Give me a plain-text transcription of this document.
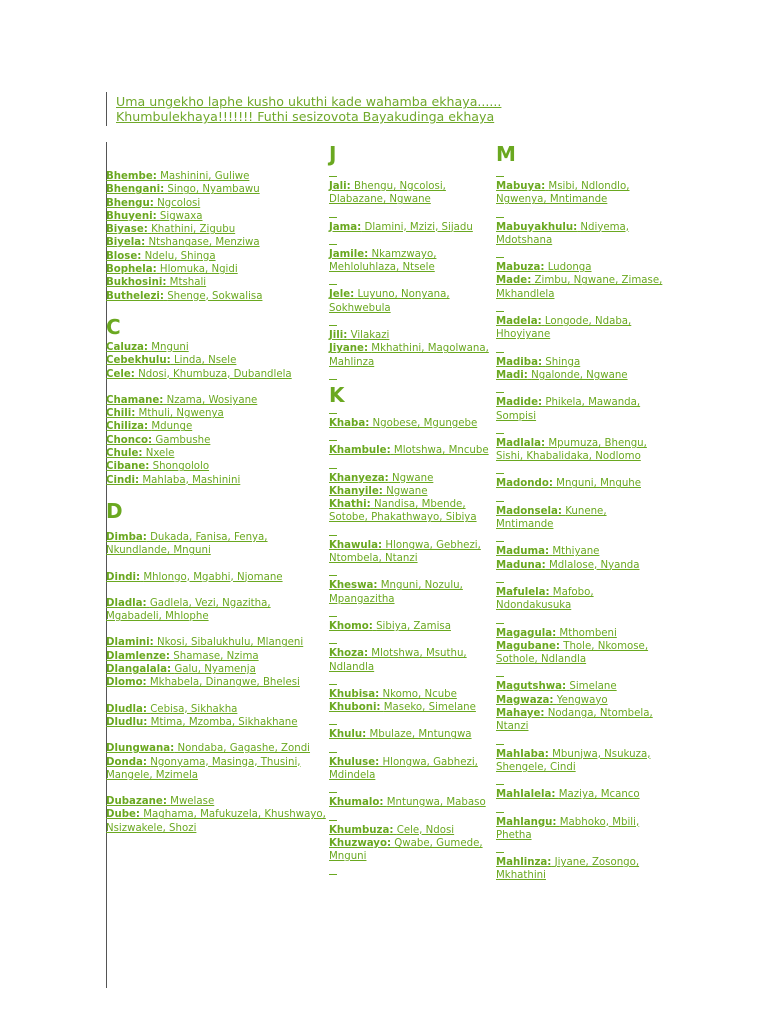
Uma ungekho laphe kusho ukuthi kade wahamba ekhaya......
Khumbulekhaya!!!!!!! Futhi sesizovota Bayakudinga ekhaya
Bhembe: Mashinini, Guliwe
Bhengani: Singo, Nyambawu
Bhengu: Ngcolosi
Bhuyeni: Sigwaxa
Biyase: Khathini, Zigubu
Biyela: Ntshangase, Menziwa
Blose: Ndelu, Shinga
Bophela: Hlomuka, Ngidi
Bukhosini: Mtshali
Buthelezi: Shenge, Sokwalisa
C
Caluza: Mnguni
Cebekhulu: Linda, Nsele
Cele: Ndosi, Khumbuza, Dubandlela
Chamane: Nzama, Wosiyane
Chili: Mthuli, Ngwenya
Chiliza: Mdunge
Chonco: Gambushe
Chule: Nxele
Cibane: Shongololo
Cindi: Mahlaba, Mashinini
D
Dimba: Dukada, Fanisa, Fenya, Nkundlande, Mnguni
Dindi: Mhlongo, Mgabhi, Njomane
Dladla: Gadlela, Vezi, Ngazitha, Mgabadeli, Mhlophe
Dlamini: Nkosi, Sibalukhulu, Mlangeni
Dlamlenze: Shamase, Nzima
Dlangalala: Galu, Nyamenja
Dlomo: Mkhabela, Dinangwe, Bhelesi
Dludla: Cebisa, Sikhakha
Dludlu: Mtima, Mzomba, Sikhakhane
Dlungwana: Nondaba, Gagashe, Zondi
Donda: Ngonyama, Masinga, Thusini, Mangele, Mzimela
Dubazane: Mwelase
Dube: Maghama, Mafukuzela, Khushwayo, Nsizwakele, Shozi
J
Jali: Bhengu, Ngcolosi, Dlabazane, Ngwane
Jama: Dlamini, Mzizi, Sijadu
Jamile: Nkamzwayo, Mehloluhlaza, Ntsele
Jele: Luyuno, Nonyana, Sokhwebula
Jili: Vilakazi
Jiyane: Mkhathini, Magolwana, Mahlinza
K
Khaba: Ngobese, Mgungebe
Khambule: Mlotshwa, Mncube
Khanyeza: Ngwane
Khanyile: Ngwane
Khathi: Nandisa, Mbende, Sotobe, Phakathwayo, Sibiya
Khawula: Hlongwa, Gebhezi, Ntombela, Ntanzi
Kheswa: Mnguni, Nozulu, Mpangazitha
Khomo: Sibiya, Zamisa
Khoza: Mlotshwa, Msuthu, Ndlandla
Khubisa: Nkomo, Ncube
Khuboni: Maseko, Simelane
Khulu: Mbulaze, Mntungwa
Khuluse: Hlongwa, Gabhezi, Mdindela
Khumalo: Mntungwa, Mabaso
Khumbuza: Cele, Ndosi
Khuzwayo: Qwabe, Gumede, Mnguni
M
Mabuya: Msibi, Ndlondlo, Ngwenya, Mntimande
Mabuyakhulu: Ndiyema, Mdotshana
Mabuza: Ludonga
Made: Zimbu, Ngwane, Zimase, Mkhandlela
Madela: Longode, Ndaba, Hhoyiyane
Madiba: Shinga
Madi: Ngalonde, Ngwane
Madide: Phikela, Mawanda, Sompisi
Madlala: Mpumuza, Bhengu, Sishi, Khabalidaka, Nodlomo
Madondo: Mnguni, Mnguhe
Madonsela: Kunene, Mntimande
Maduma: Mthiyane
Maduna: Mdlalose, Nyanda
Mafulela: Mafobo, Ndondakusuka
Magagula: Mthombeni
Magubane: Thole, Nkomose, Sothole, Ndlandla
Magutshwa: Simelane
Magwaza: Yengwayo
Mahaye: Nodanga, Ntombela, Ntanzi
Mahlaba: Mbunjwa, Nsukuza, Shengele, Cindi
Mahlalela: Maziya, Mcanco
Mahlangu: Mabhoko, Mbili, Phetha
Mahlinza: Jiyane, Zosongo, Mkhathini
